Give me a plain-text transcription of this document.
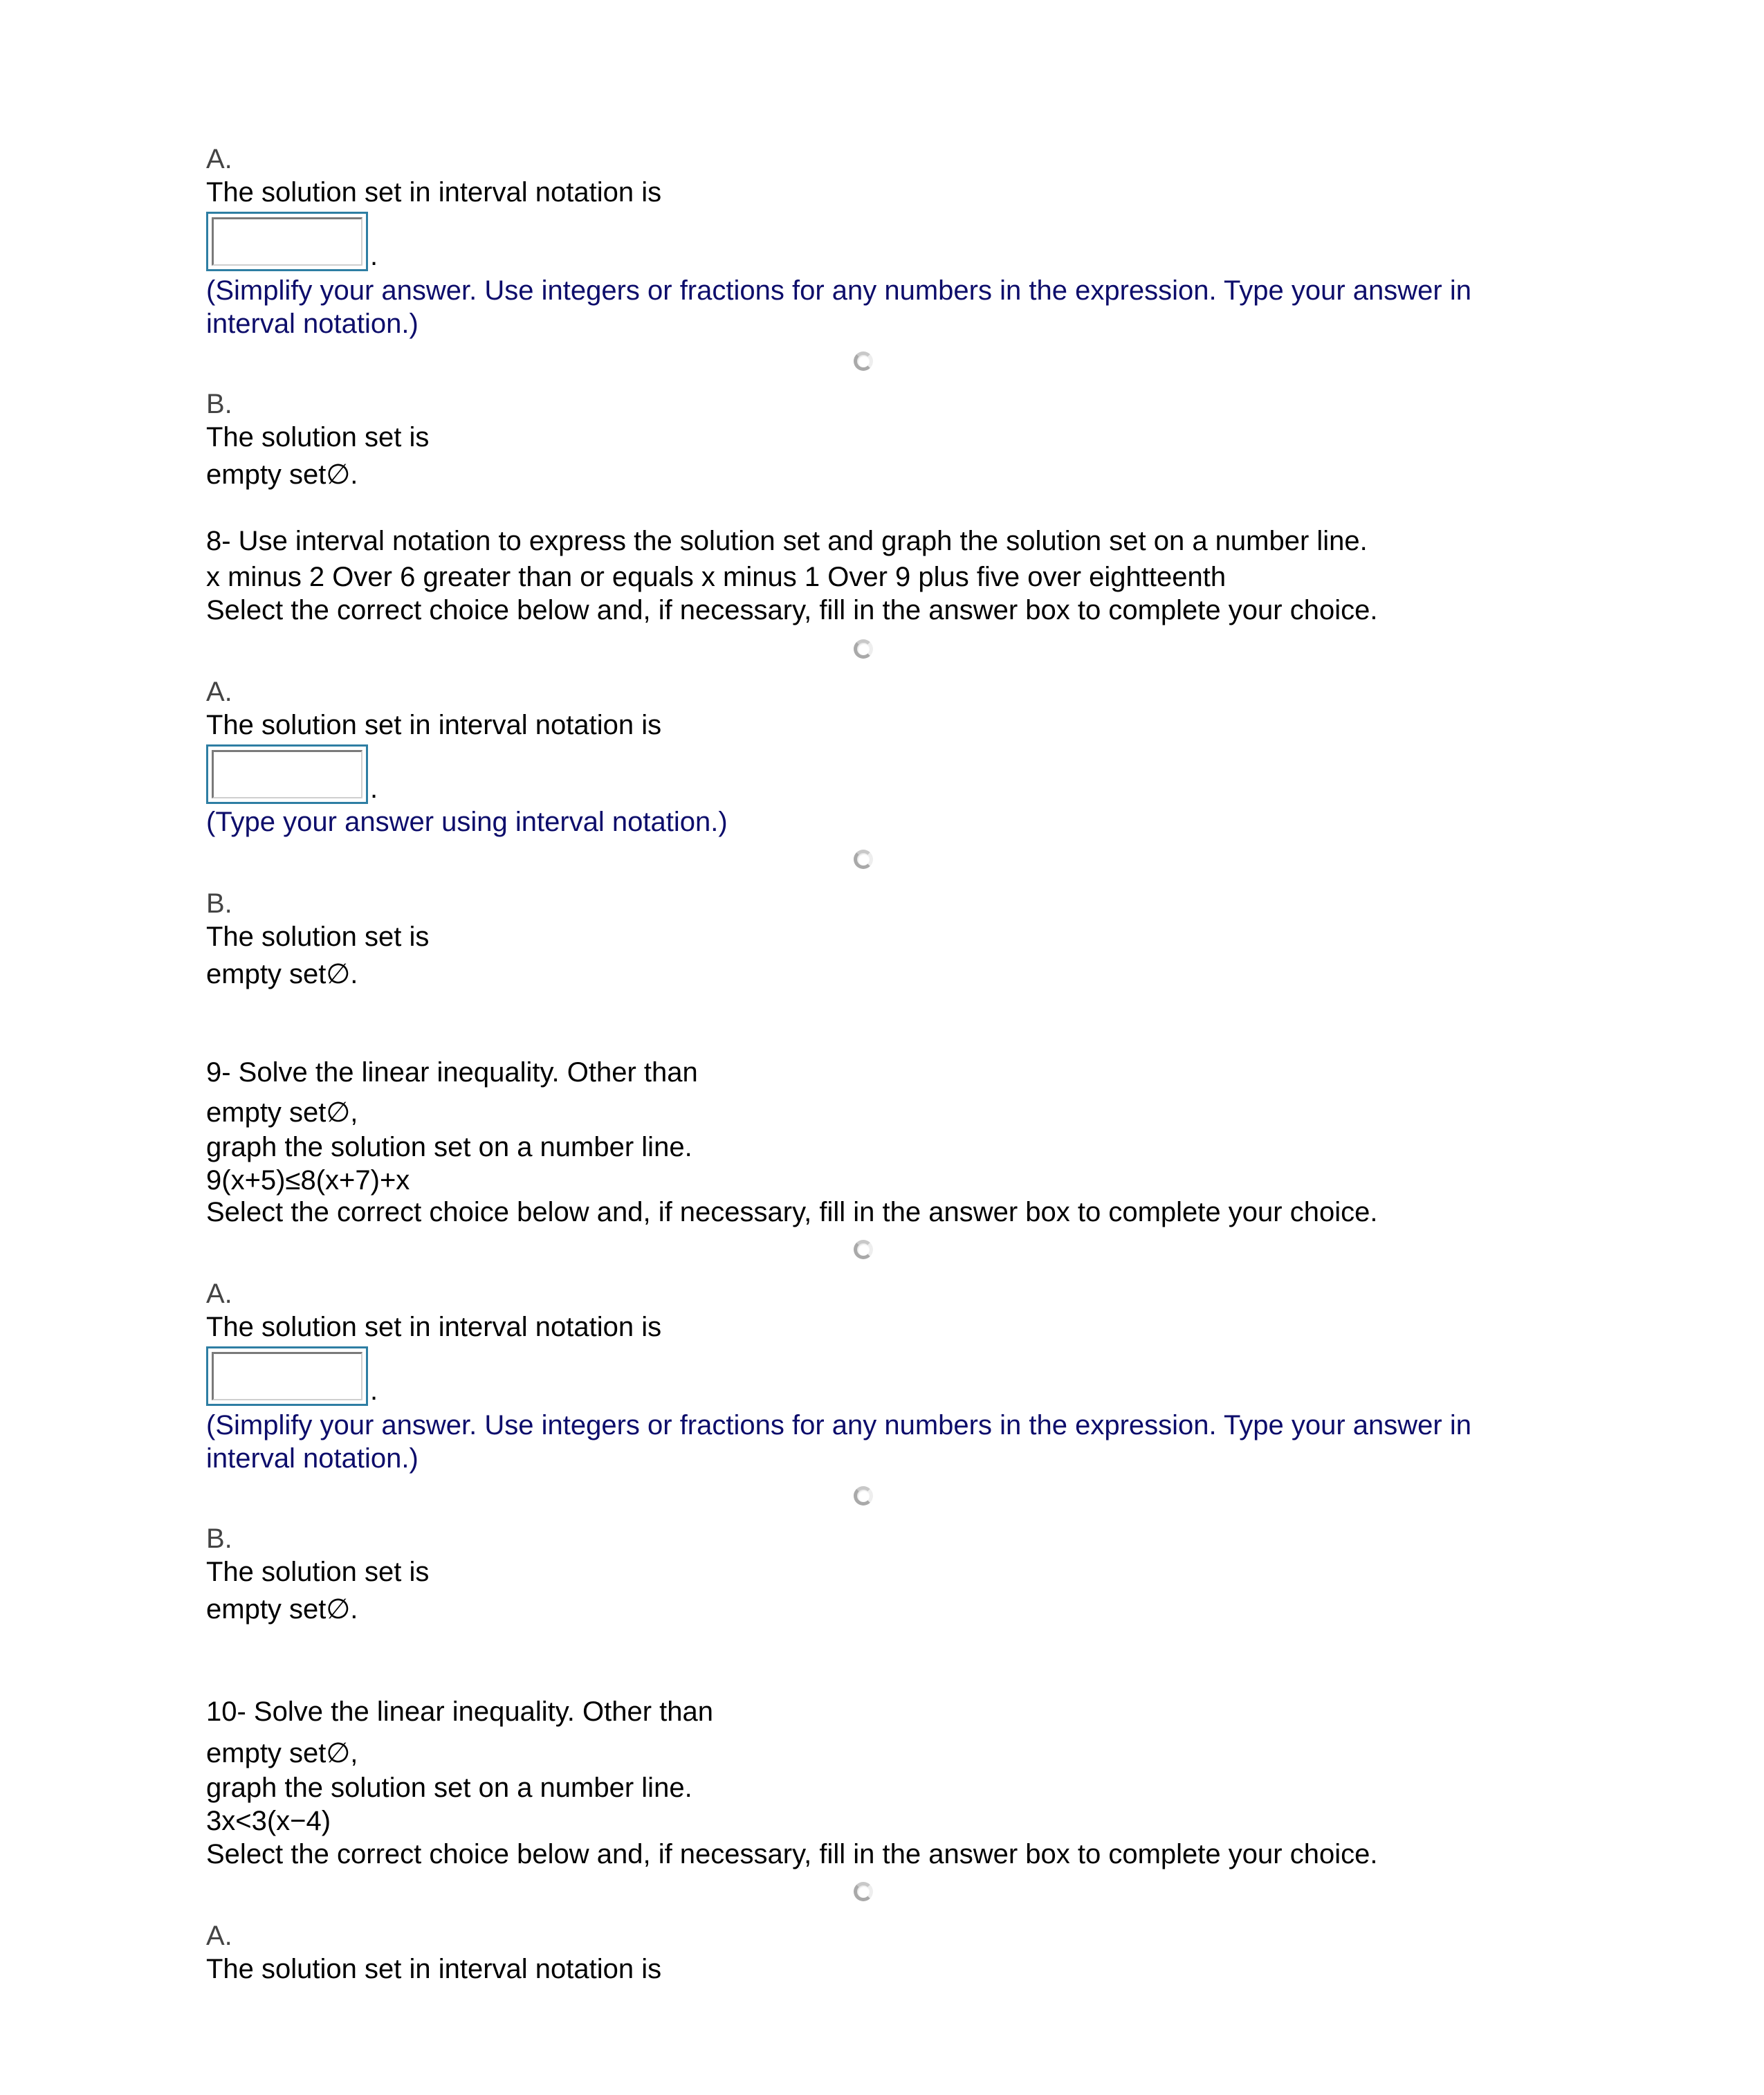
A.
The solution set in interval notation is
.
(Simplify your answer. Use integers or fractions for any numbers in the expression. Type your answer in
interval notation.)
B.
The solution set is
empty set∅.
8- Use interval notation to express the solution set and graph the solution set on a number line.
x minus 2 Over 6 greater than or equals x minus 1 Over 9 plus five over eightteenth
Select the correct choice below and, if necessary, fill in the answer box to complete your choice.
A.
The solution set in interval notation is
.
(Type your answer using interval notation.)
B.
The solution set is
empty set∅.
9- Solve the linear inequality. Other than
empty set∅,
graph the solution set on a number line.
9(x+5)≤8(x+7)+x
Select the correct choice below and, if necessary, fill in the answer box to complete your choice.
A.
The solution set in interval notation is
.
(Simplify your answer. Use integers or fractions for any numbers in the expression. Type your answer in
interval notation.)
B.
The solution set is
empty set∅.
10- Solve the linear inequality. Other than
empty set∅,
graph the solution set on a number line.
3x<3(x−4)
Select the correct choice below and, if necessary, fill in the answer box to complete your choice.
A.
The solution set in interval notation is
